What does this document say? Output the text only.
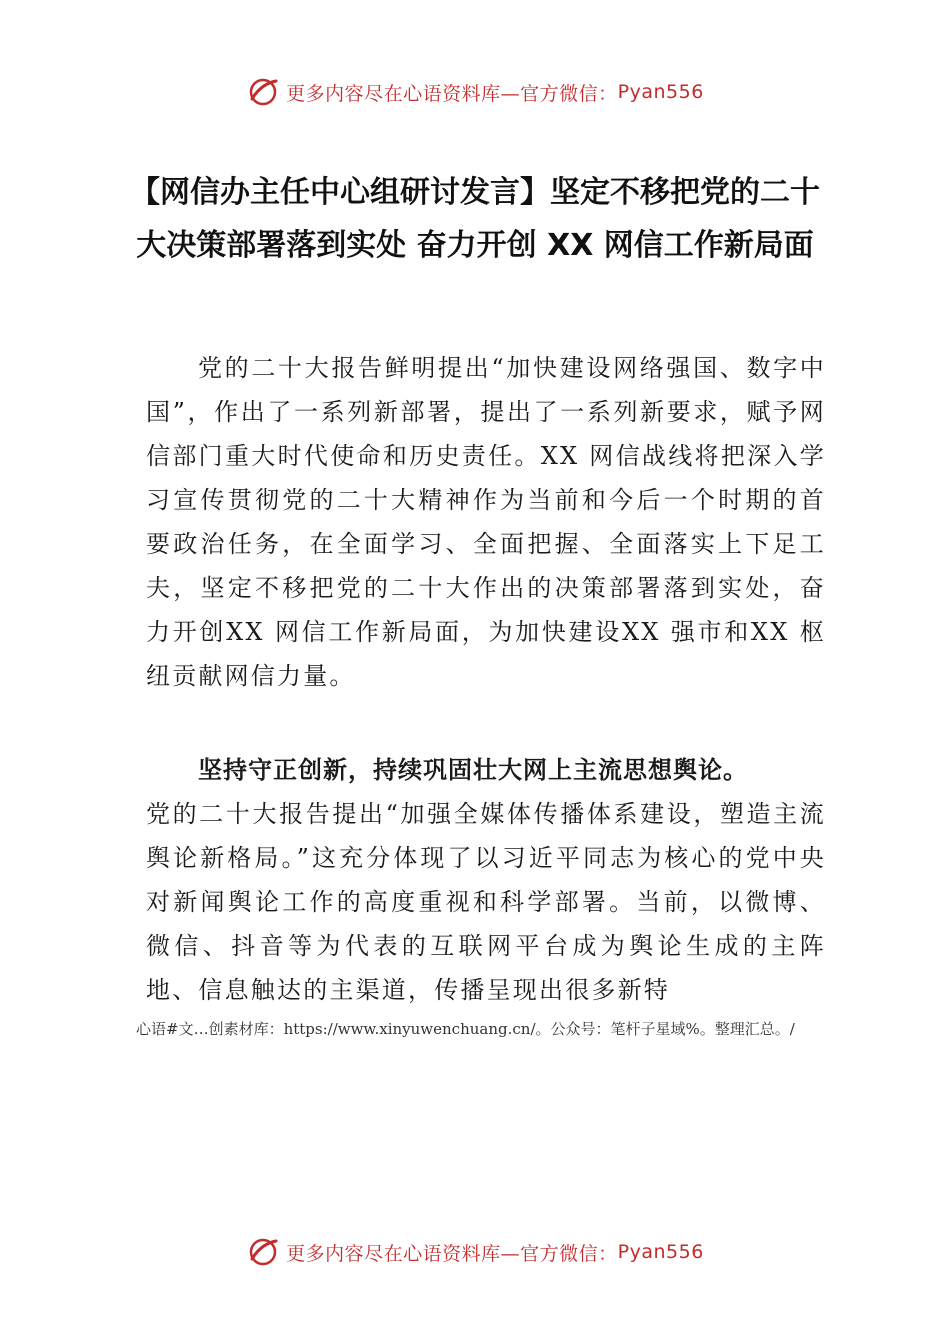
更多内容尽在心语资料库—官方微信： Pyan556
【网信办主任中心组研讨发言】坚定不移把党的二十大决策部署落到实处 奋力开创 XX 网信工作新局面

党的二十大报告鲜明提出“加快建设网络强国、数字中国”，作出了一系列新部署，提出了一系列新要求，赋予网信部门重大时代使命和历史责任。XX 网信战线将把深入学习宣传贯彻党的二十大精神作为当前和今后一个时期的首要政治任务，在全面学习、全面把握、全面落实上下足工夫，坚定不移把党的二十大作出的决策部署落到实处，奋力开创XX 网信工作新局面，为加快建设XX 强市和XX 枢纽贡献网信力量。

坚持守正创新，持续巩固壮大网上主流思想舆论。
党的二十大报告提出“加强全媒体传播体系建设，塑造主流舆论新格局。”这充分体现了以习近平同志为核心的党中央对新闻舆论工作的高度重视和科学部署。当前，以微博、微信、抖音等为代表的互联网平台成为舆论生成的主阵地、信息触达的主渠道，传播呈现出很多新特

心语#文…创素材库：https://www.xinyuwenchuang.cn/。公众号：笔杆子星域%。整理汇总。/

更多内容尽在心语资料库—官方微信： Pyan556
